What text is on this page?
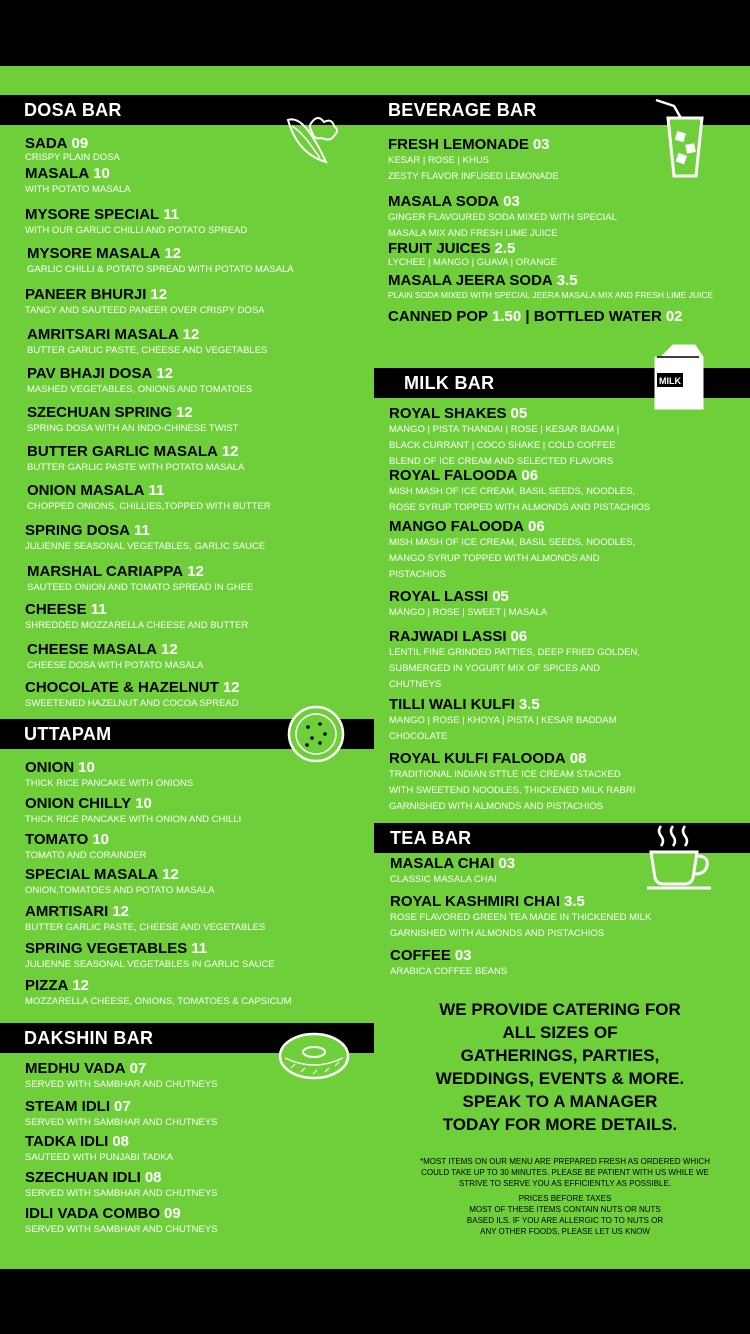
DOSA BAR
SADA 09
CRISPY PLAIN DOSA
MASALA 10
WITH POTATO MASALA
MYSORE SPECIAL 11
WITH OUR GARLIC CHILLI AND POTATO SPREAD
MYSORE MASALA 12
GARLIC CHILLI & POTATO SPREAD WITH POTATO MASALA
PANEER BHURJI 12
TANGY AND SAUTEED PANEER OVER CRISPY DOSA
AMRITSARI MASALA 12
BUTTER GARLIC PASTE, CHEESE AND VEGETABLES
PAV BHAJI DOSA 12
MASHED VEGETABLES, ONIONS AND TOMATOES
SZECHUAN SPRING 12
SPRING DOSA WITH AN INDO-CHINESE TWIST
BUTTER GARLIC MASALA 12
BUTTER GARLIC PASTE WITH POTATO MASALA
ONION MASALA 11
CHOPPED ONIONS, CHILLIES,TOPPED WITH BUTTER
SPRING DOSA 11
JULIENNE SEASONAL VEGETABLES, GARLIC SAUCE
MARSHAL CARIAPPA 12
SAUTEED ONION AND TOMATO SPREAD IN GHEE
CHEESE 11
SHREDDED MOZZARELLA CHEESE AND BUTTER
CHEESE MASALA 12
CHEESE DOSA WITH POTATO MASALA
CHOCOLATE & HAZELNUT 12
SWEETENED HAZELNUT AND COCOA SPREAD
UTTAPAM
ONION 10
THICK RICE PANCAKE WITH ONIONS
ONION CHILLY 10
THICK RICE PANCAKE WITH ONION AND CHILLI
TOMATO 10
TOMATO AND CORAINDER
SPECIAL MASALA 12
ONION,TOMATOES AND POTATO MASALA
AMRTISARI 12
BUTTER GARLIC PASTE, CHEESE AND VEGETABLES
SPRING VEGETABLES 11
JULIENNE SEASONAL VEGETABLES IN GARLIC SAUCE
PIZZA 12
MOZZARELLA CHEESE, ONIONS, TOMATOES & CAPSICUM
DAKSHIN BAR
MEDHU VADA 07
SERVED WITH SAMBHAR AND CHUTNEYS
STEAM IDLI 07
SERVED WITH SAMBHAR AND CHUTNEYS
TADKA IDLI 08
SAUTEED WITH PUNJABI TADKA
SZECHUAN IDLI 08
SERVED WITH SAMBHAR AND CHUTNEYS
IDLI VADA COMBO 09
SERVED WITH SAMBHAR AND CHUTNEYS
BEVERAGE BAR
FRESH LEMONADE 03
KESAR | ROSE | KHUS
ZESTY FLAVOR INFUSED LEMONADE
MASALA SODA 03
GINGER FLAVOURED SODA MIXED WITH SPECIAL
MASALA MIX AND FRESH LIME JUICE
FRUIT JUICES 2.5
LYCHEE | MANGO | GUAVA | ORANGE
MASALA JEERA SODA 3.5
PLAIN SODA MIXED WITH SPECIAL JEERA MASALA MIX AND FRESH LIME JUICE
CANNED POP 1.50 | BOTTLED WATER 02
MILK BAR	MILK
ROYAL SHAKES 05
MANGO | PISTA THANDAI | ROSE | KESAR BADAM |
BLACK CURRANT | COCO SHAKE | COLD COFFEE
BLEND OF ICE CREAM AND SELECTED FLAVORS
ROYAL FALOODA 06
MISH MASH OF ICE CREAM, BASIL SEEDS, NOODLES,
ROSE SYRUP TOPPED WITH ALMONDS AND PISTACHIOS
MANGO FALOODA 06
MISH MASH OF ICE CREAM, BASIL SEEDS, NOODLES,
MANGO SYRUP TOPPED WITH ALMONDS AND
PISTACHIOS
ROYAL LASSI 05
MANGO | ROSE | SWEET | MASALA
RAJWADI LASSI 06
LENTIL FINE GRINDED PATTIES, DEEP FRIED GOLDEN,
SUBMERGED IN YOGURT MIX OF SPICES AND
CHUTNEYS
TILLI WALI KULFI 3.5
MANGO | ROSE | KHOYA | PISTA | KESAR BADDAM
CHOCOLATE
ROYAL KULFI FALOODA 08
TRADITIONAL INDIAN STTLE ICE CREAM STACKED
WITH SWEETEND NOODLES, THICKENED MILK RABRI
GARNISHED WITH ALMONDS AND PISTACHIOS
TEA BAR
MASALA CHAI 03
CLASSIC MASALA CHAI
ROYAL KASHMIRI CHAI 3.5
ROSE FLAVORED GREEN TEA MADE IN THICKENED MILK
GARNISHED WITH ALMONDS AND PISTACHIOS
COFFEE 03
ARABICA COFFEE BEANS
WE PROVIDE CATERING FOR
ALL SIZES OF
GATHERINGS, PARTIES,
WEDDINGS, EVENTS & MORE.
SPEAK TO A MANAGER
TODAY FOR MORE DETAILS.
*MOST ITEMS ON OUR MENU ARE PREPARED FRESH AS ORDERED WHICH
COULD TAKE UP TO 30 MINUTES. PLEASE BE PATIENT WITH US WHILE WE
STRIVE TO SERVE YOU AS EFFICIENTLY AS POSSIBLE.
PRICES BEFORE TAXES
MOST OF THESE ITEMS CONTAIN NUTS OR NUTS
BASED ILS. IF YOU ARE ALLERGIC TO TO NUTS OR
ANY OTHER FOODS, PLEASE LET US KNOW
